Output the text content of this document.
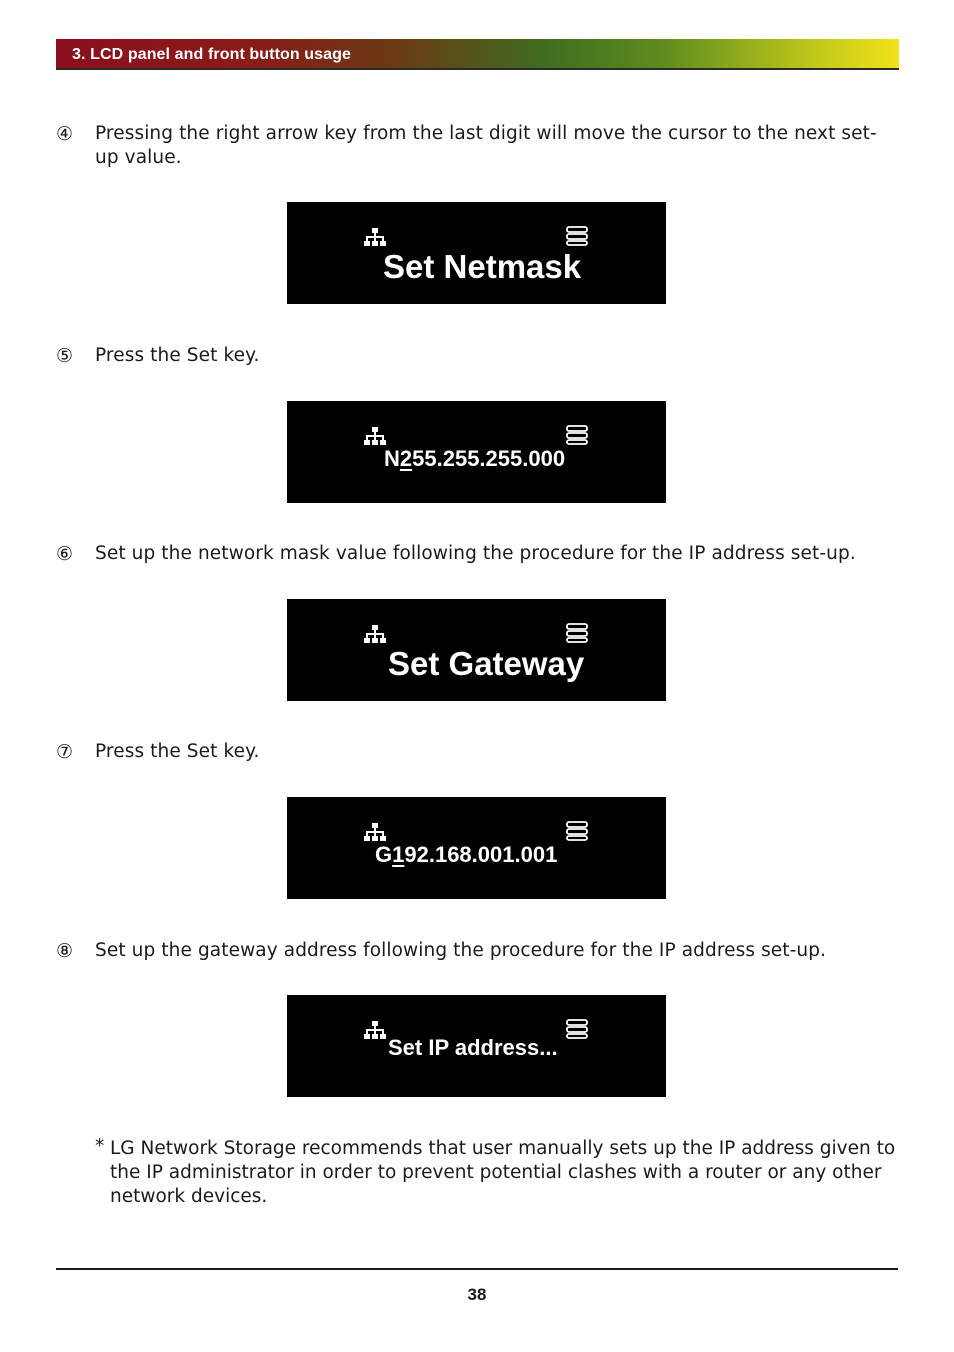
3. LCD panel and front button usage
④	Pressing the right arrow key from the last digit will move the cursor to the next set-up value.
Set Netmask
⑤	Press the Set key.
N255.255.255.000
⑥	Set up the network mask value following the procedure for the IP address set-up.
Set Gateway
⑦	Press the Set key.
G192.168.001.001
⑧	Set up the gateway address following the procedure for the IP address set-up.
Set IP address...
* LG Network Storage recommends that user manually sets up the IP address given to the IP administrator in order to prevent potential clashes with a router or any other network devices.
38
